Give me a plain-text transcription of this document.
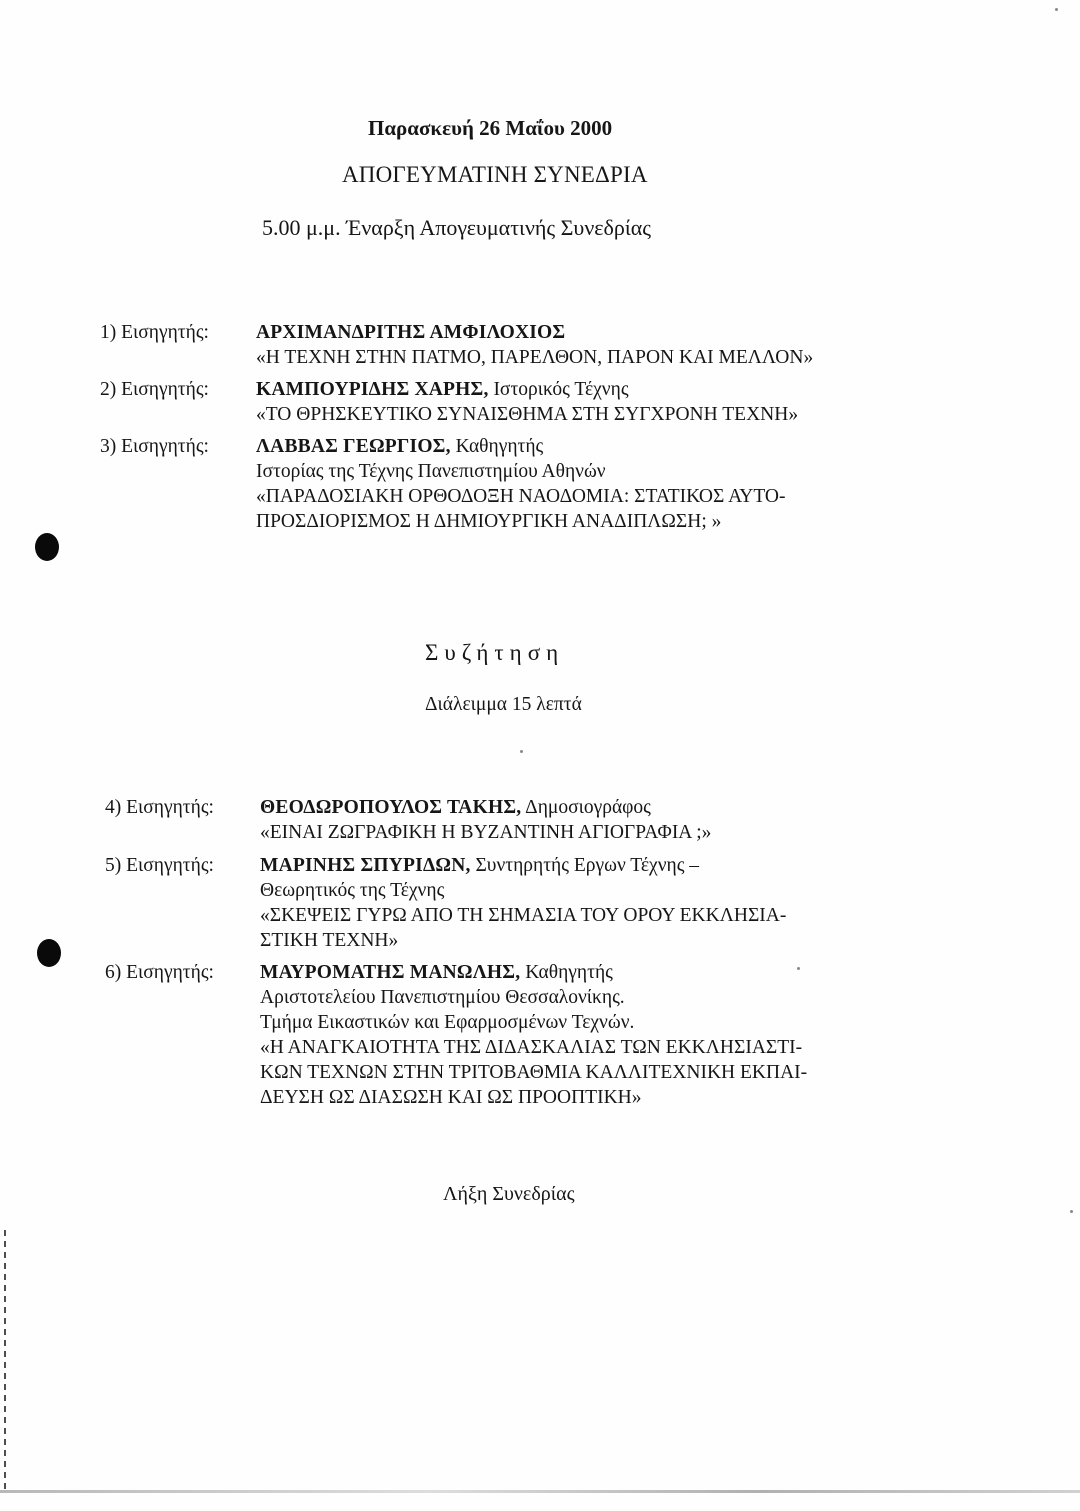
Παρασκευή 26 Μαΐου 2000
ΑΠΟΓΕΥΜΑΤΙΝΗ ΣΥΝΕΔΡΙΑ
5.00 μ.μ. Έναρξη Απογευματινής Συνεδρίας
1) Εισηγητής: ΑΡΧΙΜΑΝΔΡΙΤΗΣ ΑΜΦΙΛΟΧΙΟΣ
«Η ΤΕΧΝΗ ΣΤΗΝ ΠΑΤΜΟ, ΠΑΡΕΛΘΟΝ, ΠΑΡΟΝ ΚΑΙ ΜΕΛΛΟΝ»
2) Εισηγητής: ΚΑΜΠΟΥΡΙΔΗΣ ΧΑΡΗΣ, Ιστορικός Τέχνης
«ΤΟ ΘΡΗΣΚΕΥΤΙΚΟ ΣΥΝΑΙΣΘΗΜΑ ΣΤΗ ΣΥΓΧΡΟΝΗ ΤΕΧΝΗ»
3) Εισηγητής: ΛΑΒΒΑΣ ΓΕΩΡΓΙΟΣ, Καθηγητής
Ιστορίας της Τέχνης Πανεπιστημίου Αθηνών
«ΠΑΡΑΔΟΣΙΑΚΗ ΟΡΘΟΔΟΞΗ ΝΑΟΔΟΜΙΑ: ΣΤΑΤΙΚΟΣ ΑΥΤΟ-
ΠΡΟΣΔΙΟΡΙΣΜΟΣ Η ΔΗΜΙΟΥΡΓΙΚΗ ΑΝΑΔΙΠΛΩΣΗ; »
Συζήτηση
Διάλειμμα 15 λεπτά
4) Εισηγητής: ΘΕΟΔΩΡΟΠΟΥΛΟΣ ΤΑΚΗΣ, Δημοσιογράφος
«ΕΙΝΑΙ ΖΩΓΡΑΦΙΚΗ Η ΒΥΖΑΝΤΙΝΗ ΑΓΙΟΓΡΑΦΙΑ ;»
5) Εισηγητής: ΜΑΡΙΝΗΣ ΣΠΥΡΙΔΩΝ, Συντηρητής Εργων Τέχνης –
Θεωρητικός της Τέχνης
«ΣΚΕΨΕΙΣ ΓΥΡΩ ΑΠΟ ΤΗ ΣΗΜΑΣΙΑ ΤΟΥ ΟΡΟΥ ΕΚΚΛΗΣΙΑ-
ΣΤΙΚΗ ΤΕΧΝΗ»
6) Εισηγητής: ΜΑΥΡΟΜΑΤΗΣ ΜΑΝΩΛΗΣ, Καθηγητής
Αριστοτελείου Πανεπιστημίου Θεσσαλονίκης.
Τμήμα Εικαστικών και Εφαρμοσμένων Τεχνών.
«Η ΑΝΑΓΚΑΙΟΤΗΤΑ ΤΗΣ ΔΙΔΑΣΚΑΛΙΑΣ ΤΩΝ ΕΚΚΛΗΣΙΑΣΤΙ-
ΚΩΝ ΤΕΧΝΩΝ ΣΤΗΝ ΤΡΙΤΟΒΑΘΜΙΑ ΚΑΛΛΙΤΕΧΝΙΚΗ ΕΚΠΑΙ-
ΔΕΥΣΗ ΩΣ ΔΙΑΣΩΣΗ ΚΑΙ ΩΣ ΠΡΟΟΠΤΙΚΗ»
Λήξη Συνεδρίας
